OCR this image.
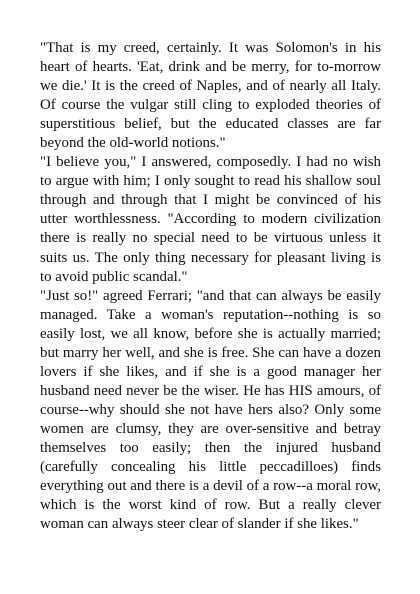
"That is my creed, certainly. It was Solomon's in his heart of hearts. 'Eat, drink and be merry, for to-morrow we die.' It is the creed of Naples, and of nearly all Italy. Of course the vulgar still cling to exploded theories of superstitious belief, but the educated classes are far beyond the old-world notions."

"I believe you," I answered, composedly. I had no wish to argue with him; I only sought to read his shallow soul through and through that I might be convinced of his utter worthlessness. "According to modern civilization there is really no special need to be virtuous unless it suits us. The only thing necessary for pleasant living is to avoid public scandal."

"Just so!" agreed Ferrari; "and that can always be easily managed. Take a woman's reputation--nothing is so easily lost, we all know, before she is actually married; but marry her well, and she is free. She can have a dozen lovers if she likes, and if she is a good manager her husband need never be the wiser. He has HIS amours, of course--why should she not have hers also? Only some women are clumsy, they are over-sensitive and betray themselves too easily; then the injured husband (carefully concealing his little peccadilloes) finds everything out and there is a devil of a row--a moral row, which is the worst kind of row. But a really clever woman can always steer clear of slander if she likes."
